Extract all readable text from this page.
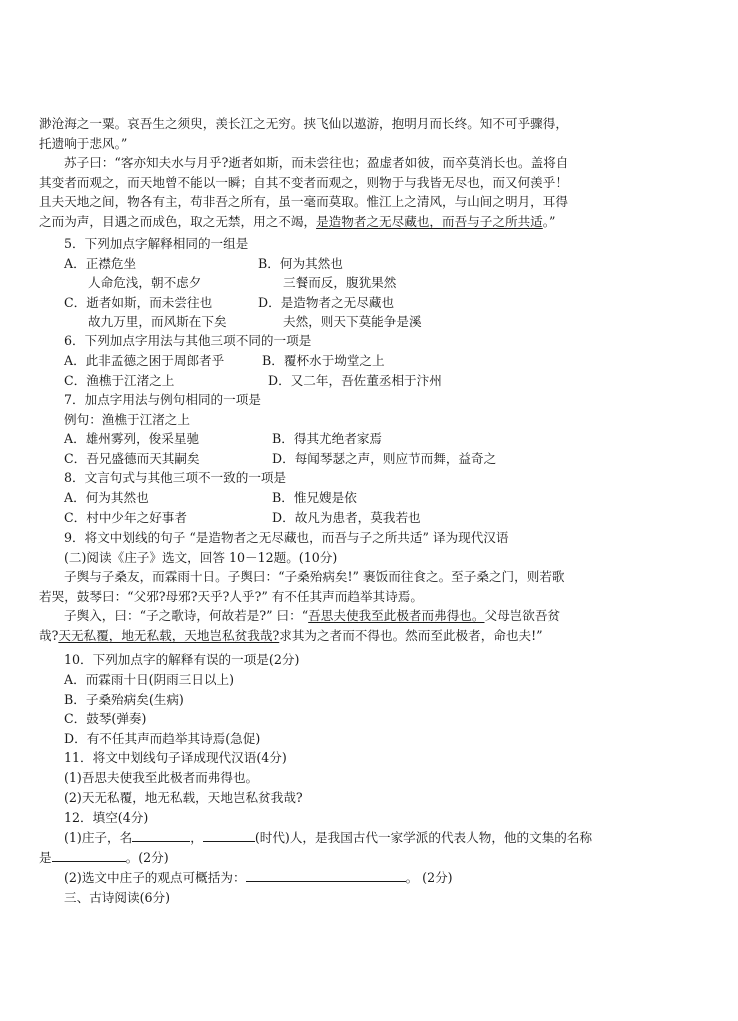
渺沧海之一粟。哀吾生之须臾，羡长江之无穷。挟飞仙以遨游，抱明月而长终。知不可乎骤得，
托遗响于悲风。”
苏子曰：“客亦知夫水与月乎?逝者如斯，而未尝往也；盈虚者如彼，而卒莫消长也。盖将自
其变者而观之，而天地曾不能以一瞬；自其不变者而观之，则物于与我皆无尽也，而又何羡乎！
且夫天地之间，物各有主，苟非吾之所有，虽一毫而莫取。惟江上之清风，与山间之明月，耳得
之而为声，目遇之而成色，取之无禁，用之不竭，是造物者之无尽藏也，而吾与子之所共适。”
5．下列加点字解释相同的一组是
A．正襟危坐	B．何为其然也
人命危浅，朝不虑夕	三餐而反，腹犹果然
C．逝者如斯，而未尝往也	D．是造物者之无尽藏也
故九万里，而风斯在下矣	夫然，则天下莫能争是溪
6．下列加点字用法与其他三项不同的一项是
A．此非孟德之困于周郎者乎	B．覆杯水于坳堂之上
C．渔樵于江渚之上	D．又二年，吾佐董丞相于汴州
7．加点字用法与例句相同的一项是
例句：渔樵于江渚之上
A．雄州雾列，俊采星驰	B．得其尤绝者家焉
C．吾兄盛德而天其嗣矣	D．每闻琴瑟之声，则应节而舞，益奇之
8．文言句式与其他三项不一致的一项是
A．何为其然也	B．惟兄嫂是依
C．村中少年之好事者	D．故凡为患者，莫我若也
9．将文中划线的句子 “是造物者之无尽藏也，而吾与子之所共适” 译为现代汉语
(二)阅读《庄子》选文，回答 10－12题。(10分)
子舆与子桑友，而霖雨十日。子舆曰：“子桑殆病矣!” 裹饭而往食之。至子桑之门，则若歌
若哭，鼓琴曰：“父邪?母邪?天乎?人乎?” 有不任其声而趋举其诗焉。
子舆入，曰：“子之歌诗，何故若是?” 曰：“吾思夫使我至此极者而弗得也。父母岂欲吾贫
哉?天无私覆，地无私载，天地岂私贫我哉?求其为之者而不得也。然而至此极者，命也夫!”
10．下列加点字的解释有误的一项是(2分)
A．而霖雨十日(阴雨三日以上)
B．子桑殆病矣(生病)
C．鼓琴(弹奏)
D．有不任其声而趋举其诗焉(急促)
11．将文中划线句子译成现代汉语(4分)
(1)吾思夫使我至此极者而弗得也。
(2)天无私覆，地无私载，天地岂私贫我哉?
12．填空(4分)
(1)庄子，名	，	(时代)人，是我国古代一家学派的代表人物，他的文集的名称
是	。(2分)
(2)选文中庄子的观点可概括为：	。 (2分)
三、古诗阅读(6分)
